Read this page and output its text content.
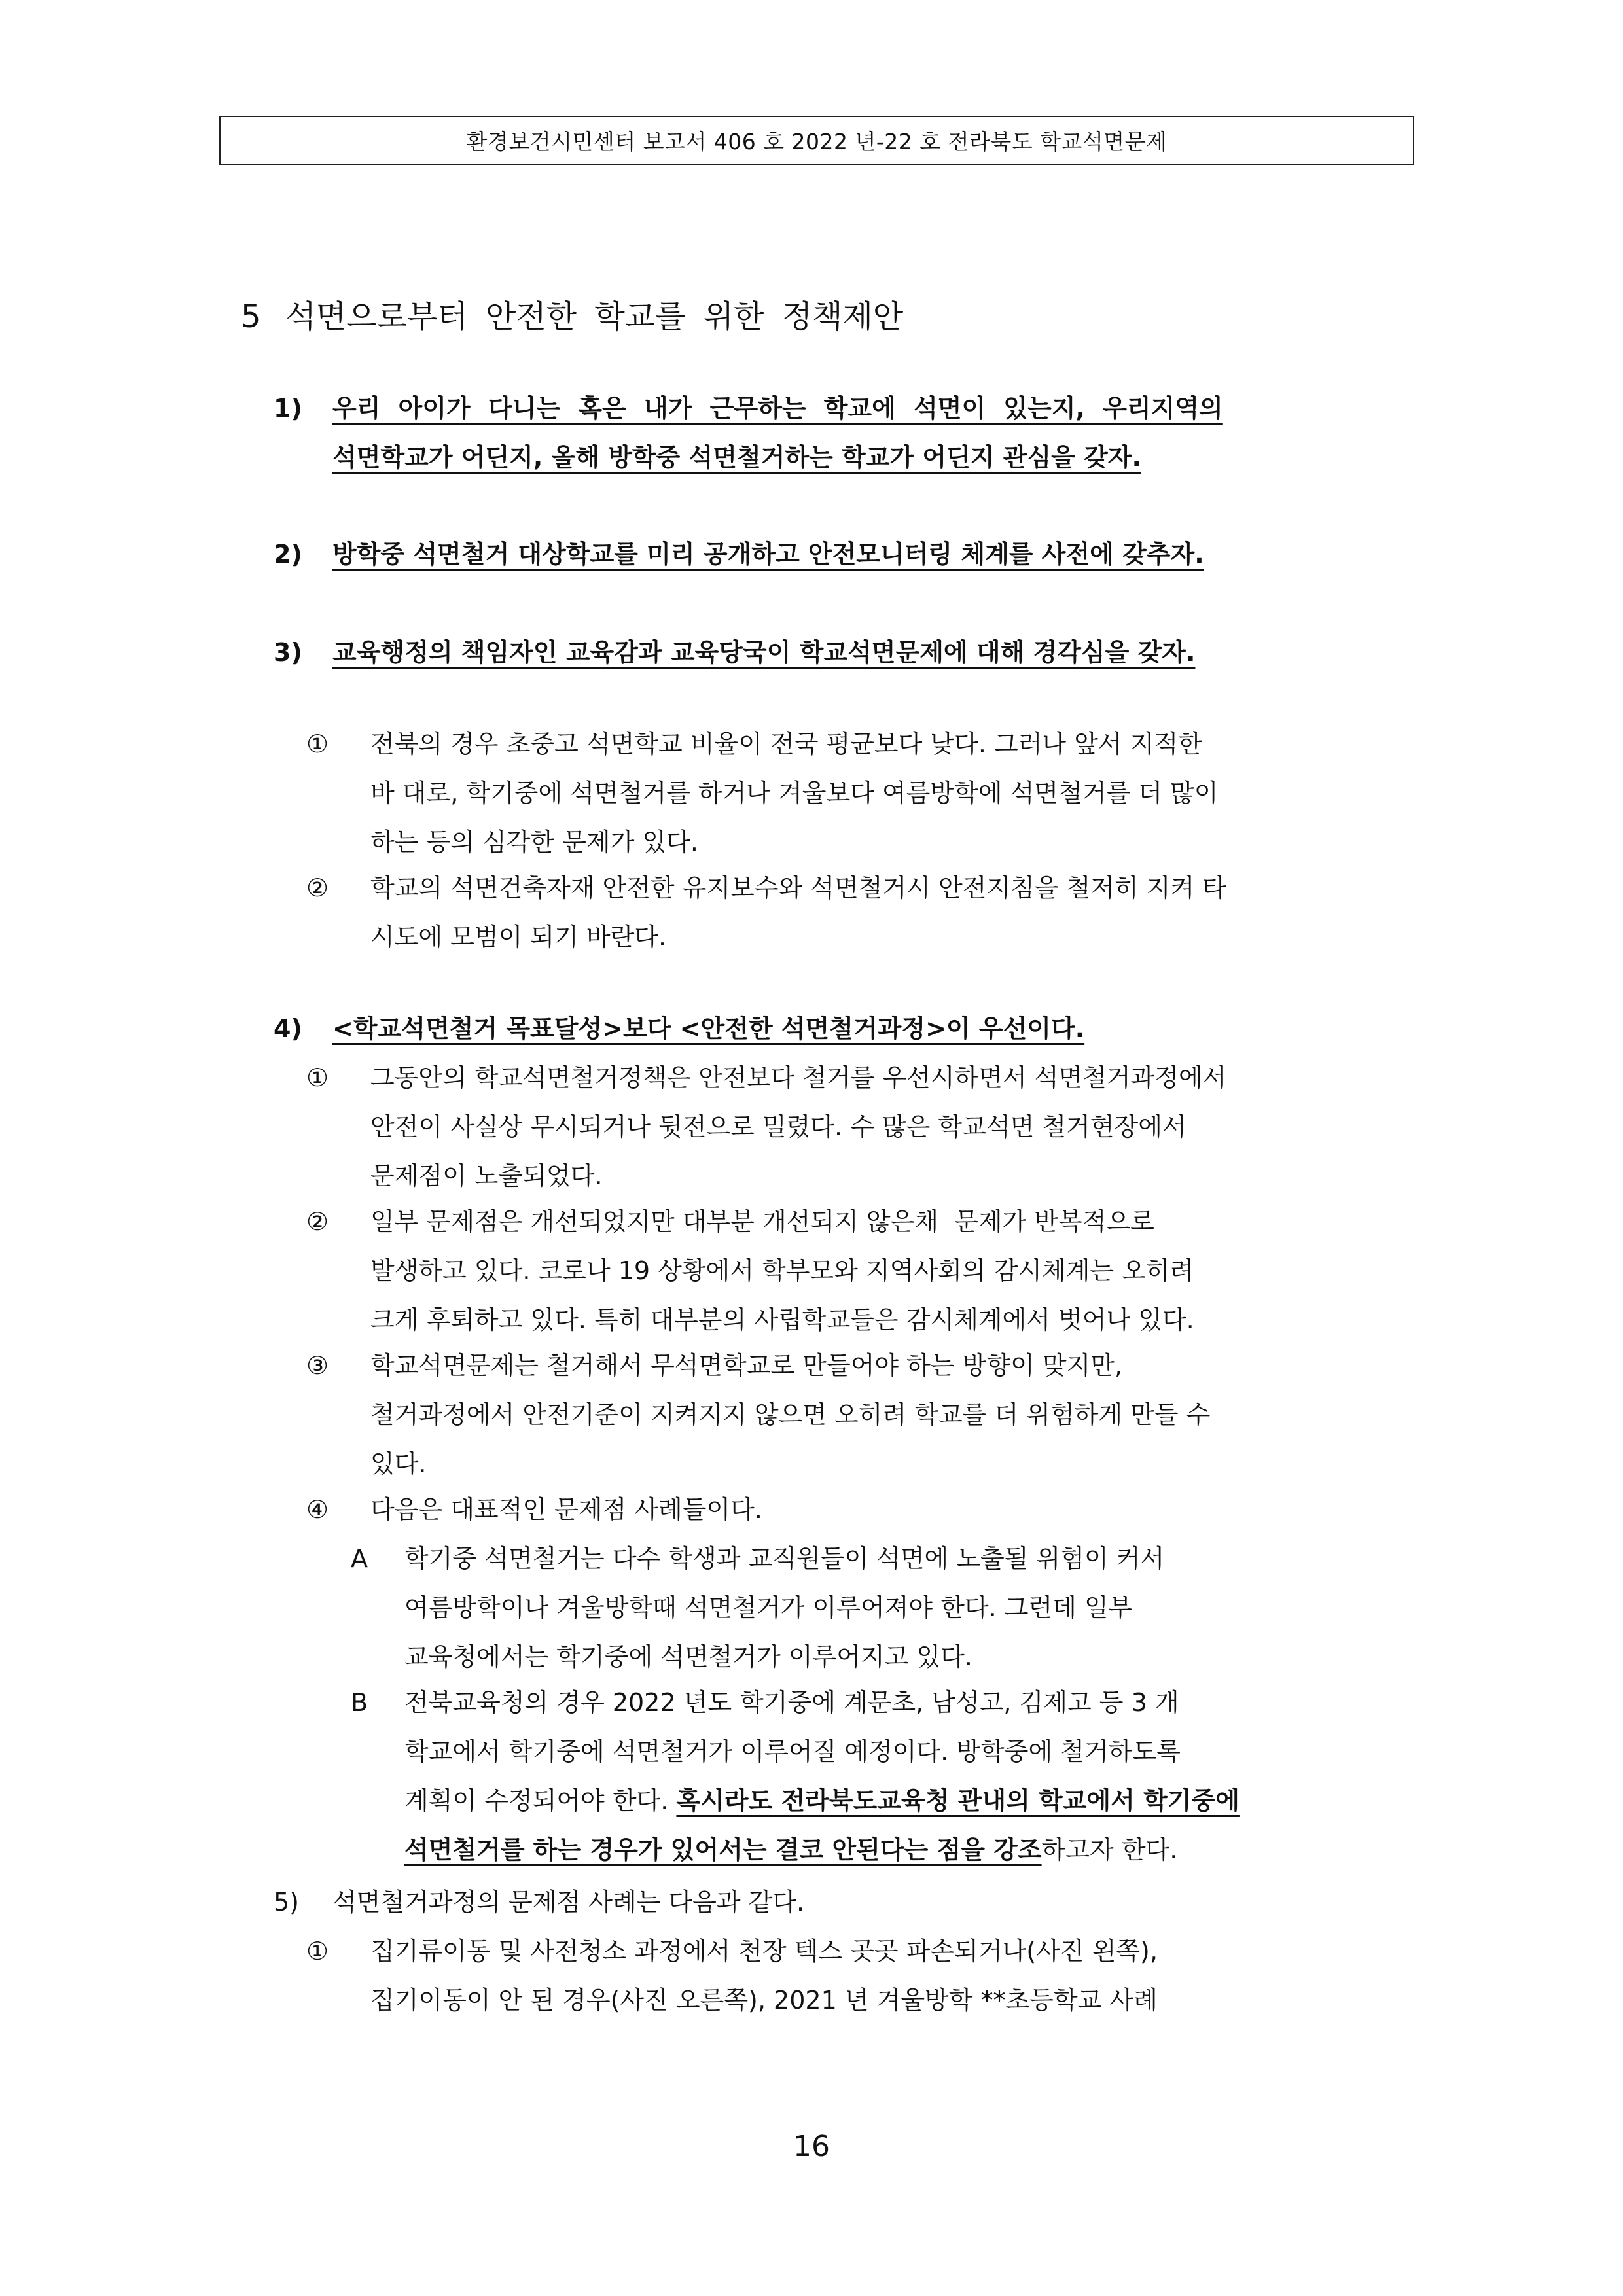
환경보건시민센터 보고서 406 호 2022 년-22 호 전라북도 학교석면문제
5 석면으로부터 안전한 학교를 위한 정책제안
1) 우리 아이가 다니는 혹은 내가 근무하는 학교에 석면이 있는지, 우리지역의
석면학교가 어딘지, 올해 방학중 석면철거하는 학교가 어딘지 관심을 갖자.
2) 방학중 석면철거 대상학교를 미리 공개하고 안전모니터링 체계를 사전에 갖추자.
3) 교육행정의 책임자인 교육감과 교육당국이 학교석면문제에 대해 경각심을 갖자.
① 전북의 경우 초중고 석면학교 비율이 전국 평균보다 낮다. 그러나 앞서 지적한
바 대로, 학기중에 석면철거를 하거나 겨울보다 여름방학에 석면철거를 더 많이
하는 등의 심각한 문제가 있다.
② 학교의 석면건축자재 안전한 유지보수와 석면철거시 안전지침을 철저히 지켜 타
시도에 모범이 되기 바란다.
4) <학교석면철거 목표달성>보다 <안전한 석면철거과정>이 우선이다.
① 그동안의 학교석면철거정책은 안전보다 철거를 우선시하면서 석면철거과정에서
안전이 사실상 무시되거나 뒷전으로 밀렸다. 수 많은 학교석면 철거현장에서
문제점이 노출되었다.
② 일부 문제점은 개선되었지만 대부분 개선되지 않은채  문제가 반복적으로
발생하고 있다. 코로나 19 상황에서 학부모와 지역사회의 감시체계는 오히려
크게 후퇴하고 있다. 특히 대부분의 사립학교들은 감시체계에서 벗어나 있다.
③ 학교석면문제는 철거해서 무석면학교로 만들어야 하는 방향이 맞지만,
철거과정에서 안전기준이 지켜지지 않으면 오히려 학교를 더 위험하게 만들 수
있다.
④ 다음은 대표적인 문제점 사례들이다.
A 학기중 석면철거는 다수 학생과 교직원들이 석면에 노출될 위험이 커서
여름방학이나 겨울방학때 석면철거가 이루어져야 한다. 그런데 일부
교육청에서는 학기중에 석면철거가 이루어지고 있다.
B 전북교육청의 경우 2022 년도 학기중에 계문초, 남성고, 김제고 등 3 개
학교에서 학기중에 석면철거가 이루어질 예정이다. 방학중에 철거하도록
계획이 수정되어야 한다. 혹시라도 전라북도교육청 관내의 학교에서 학기중에
석면철거를 하는 경우가 있어서는 결코 안된다는 점을 강조하고자 한다.
5) 석면철거과정의 문제점 사례는 다음과 같다.
① 집기류이동 및 사전청소 과정에서 천장 텍스 곳곳 파손되거나(사진 왼쪽),
집기이동이 안 된 경우(사진 오른쪽), 2021 년 겨울방학 **초등학교 사례
16
